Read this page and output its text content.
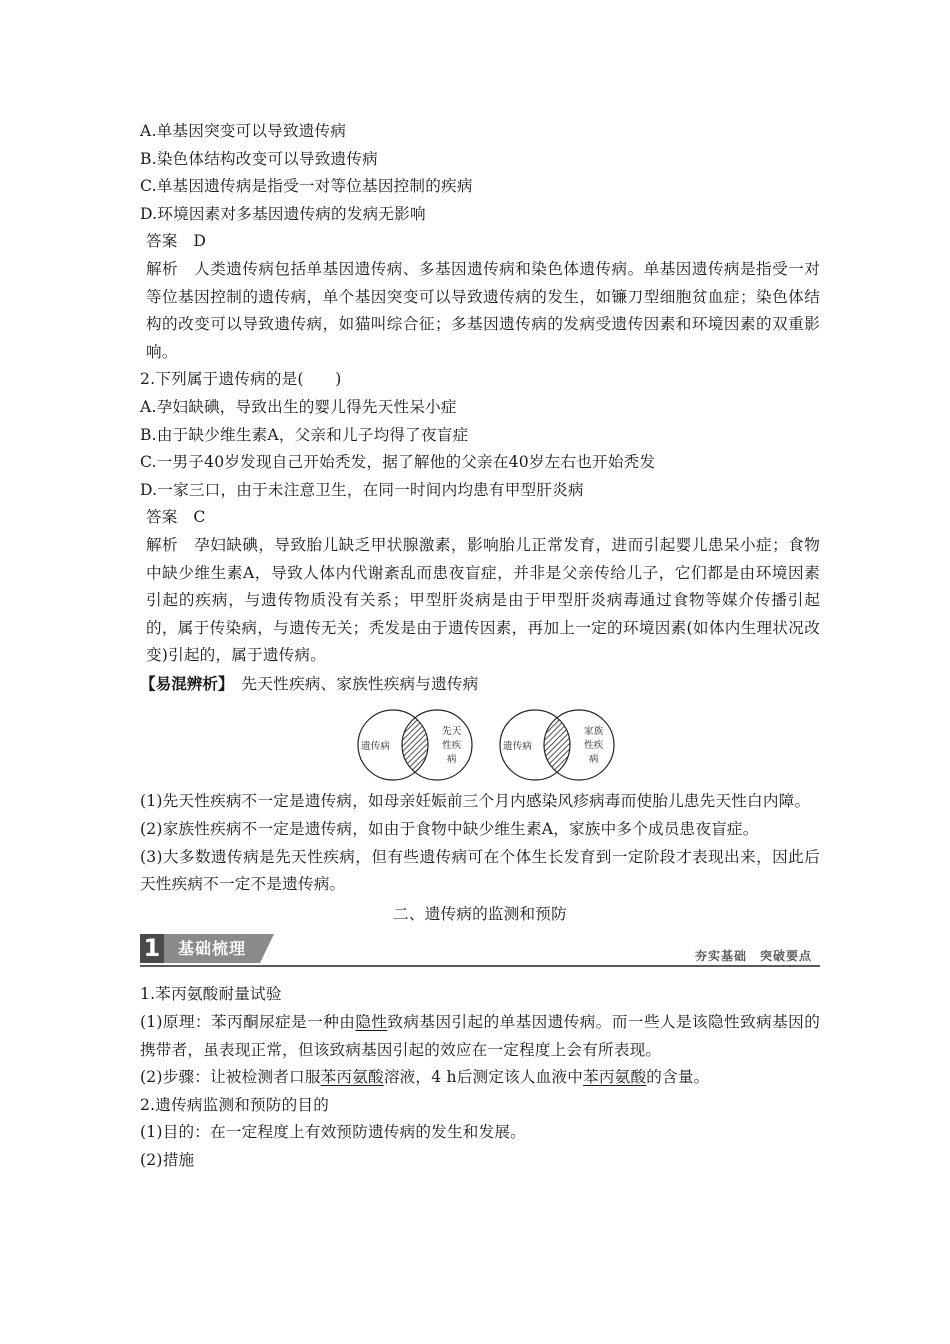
A.单基因突变可以导致遗传病

B.染色体结构改变可以导致遗传病

C.单基因遗传病是指受一对等位基因控制的疾病

D.环境因素对多基因遗传病的发病无影响

答案　D

解析　人类遗传病包括单基因遗传病、多基因遗传病和染色体遗传病。单基因遗传病是指受一对等位基因控制的遗传病，单个基因突变可以导致遗传病的发生，如镰刀型细胞贫血症；染色体结构的改变可以导致遗传病，如猫叫综合征；多基因遗传病的发病受遗传因素和环境因素的双重影响。

2.下列属于遗传病的是(　　)

A.孕妇缺碘，导致出生的婴儿得先天性呆小症

B.由于缺少维生素A，父亲和儿子均得了夜盲症

C.一男子40岁发现自己开始秃发，据了解他的父亲在40岁左右也开始秃发

D.一家三口，由于未注意卫生，在同一时间内均患有甲型肝炎病

答案　C

解析　孕妇缺碘，导致胎儿缺乏甲状腺激素，影响胎儿正常发育，进而引起婴儿患呆小症；食物中缺少维生素A，导致人体内代谢紊乱而患夜盲症，并非是父亲传给儿子，它们都是由环境因素引起的疾病，与遗传物质没有关系；甲型肝炎病是由于甲型肝炎病毒通过食物等媒介传播引起的，属于传染病，与遗传无关；秃发是由于遗传因素，再加上一定的环境因素(如体内生理状况改变)引起的，属于遗传病。

【易混辨析】　先天性疾病、家族性疾病与遗传病

遗传病
先天
性疾
病
遗传病
家族
性疾
病

(1)先天性疾病不一定是遗传病，如母亲妊娠前三个月内感染风疹病毒而使胎儿患先天性白内障。

(2)家族性疾病不一定是遗传病，如由于食物中缺少维生素A，家族中多个成员患夜盲症。

(3)大多数遗传病是先天性疾病，但有些遗传病可在个体生长发育到一定阶段才表现出来，因此后天性疾病不一定不是遗传病。

二、遗传病的监测和预防

1	基础梳理	夯实基础　突破要点

1.苯丙氨酸耐量试验

(1)原理：苯丙酮尿症是一种由隐性致病基因引起的单基因遗传病。而一些人是该隐性致病基因的携带者，虽表现正常，但该致病基因引起的效应在一定程度上会有所表现。

(2)步骤：让被检测者口服苯丙氨酸溶液，4 h后测定该人血液中苯丙氨酸的含量。

2.遗传病监测和预防的目的

(1)目的：在一定程度上有效预防遗传病的发生和发展。

(2)措施
